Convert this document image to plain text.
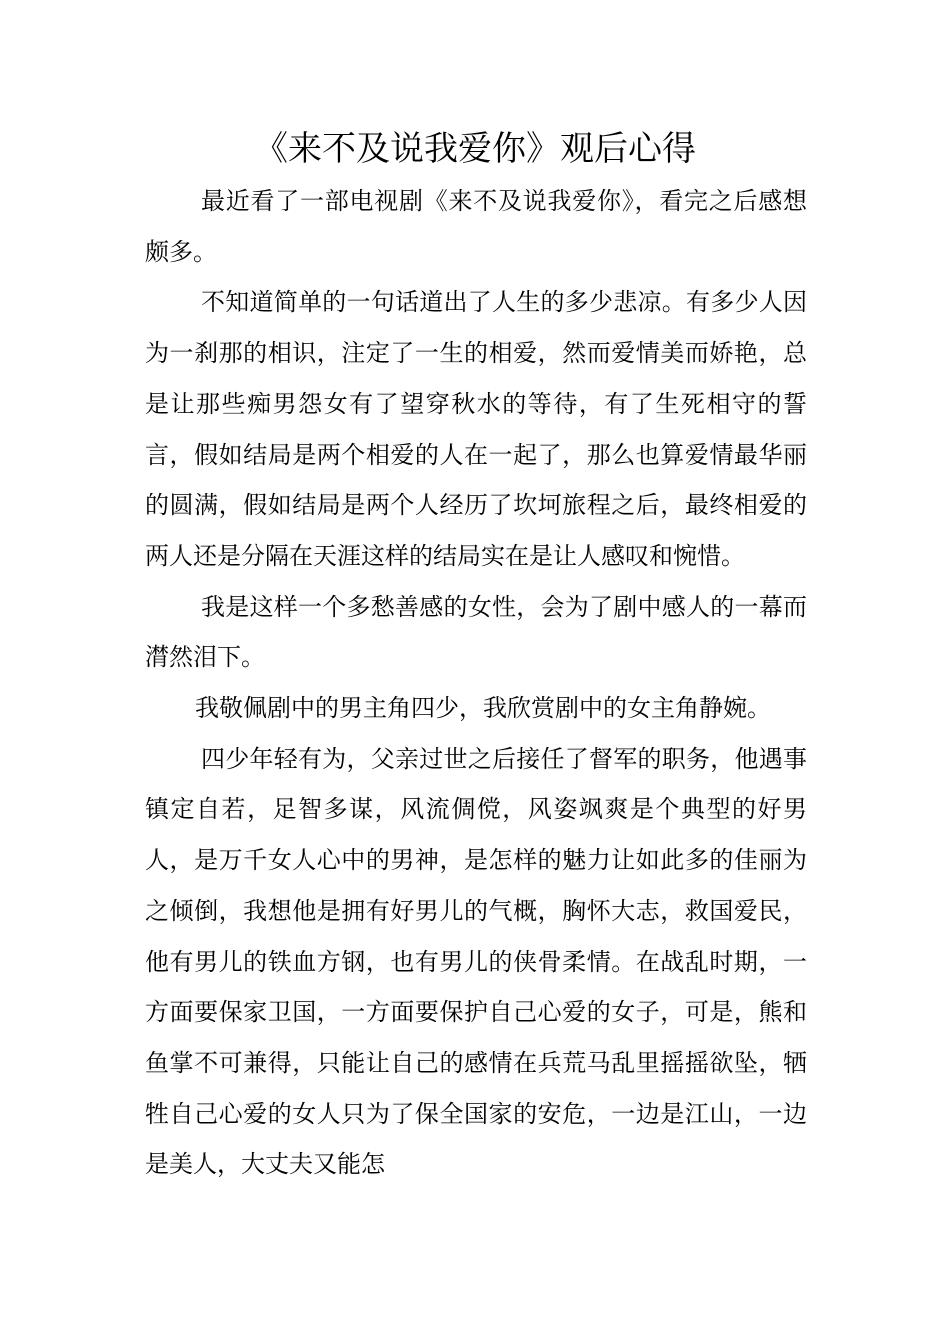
《来不及说我爱你》观后心得

最近看了一部电视剧《来不及说我爱你》，看完之后感想颇多。

不知道简单的一句话道出了人生的多少悲凉。有多少人因为一刹那的相识，注定了一生的相爱，然而爱情美而娇艳，总是让那些痴男怨女有了望穿秋水的等待，有了生死相守的誓言，假如结局是两个相爱的人在一起了，那么也算爱情最华丽的圆满，假如结局是两个人经历了坎坷旅程之后，最终相爱的两人还是分隔在天涯这样的结局实在是让人感叹和惋惜。

我是这样一个多愁善感的女性，会为了剧中感人的一幕而潸然泪下。

我敬佩剧中的男主角四少，我欣赏剧中的女主角静婉。

四少年轻有为，父亲过世之后接任了督军的职务，他遇事镇定自若，足智多谋，风流倜傥，风姿飒爽是个典型的好男人，是万千女人心中的男神，是怎样的魅力让如此多的佳丽为之倾倒，我想他是拥有好男儿的气概，胸怀大志，救国爱民，他有男儿的铁血方钢，也有男儿的侠骨柔情。在战乱时期，一方面要保家卫国，一方面要保护自己心爱的女子，可是，熊和鱼掌不可兼得，只能让自己的感情在兵荒马乱里摇摇欲坠，牺牲自己心爱的女人只为了保全国家的安危，一边是江山，一边是美人，大丈夫又能怎
